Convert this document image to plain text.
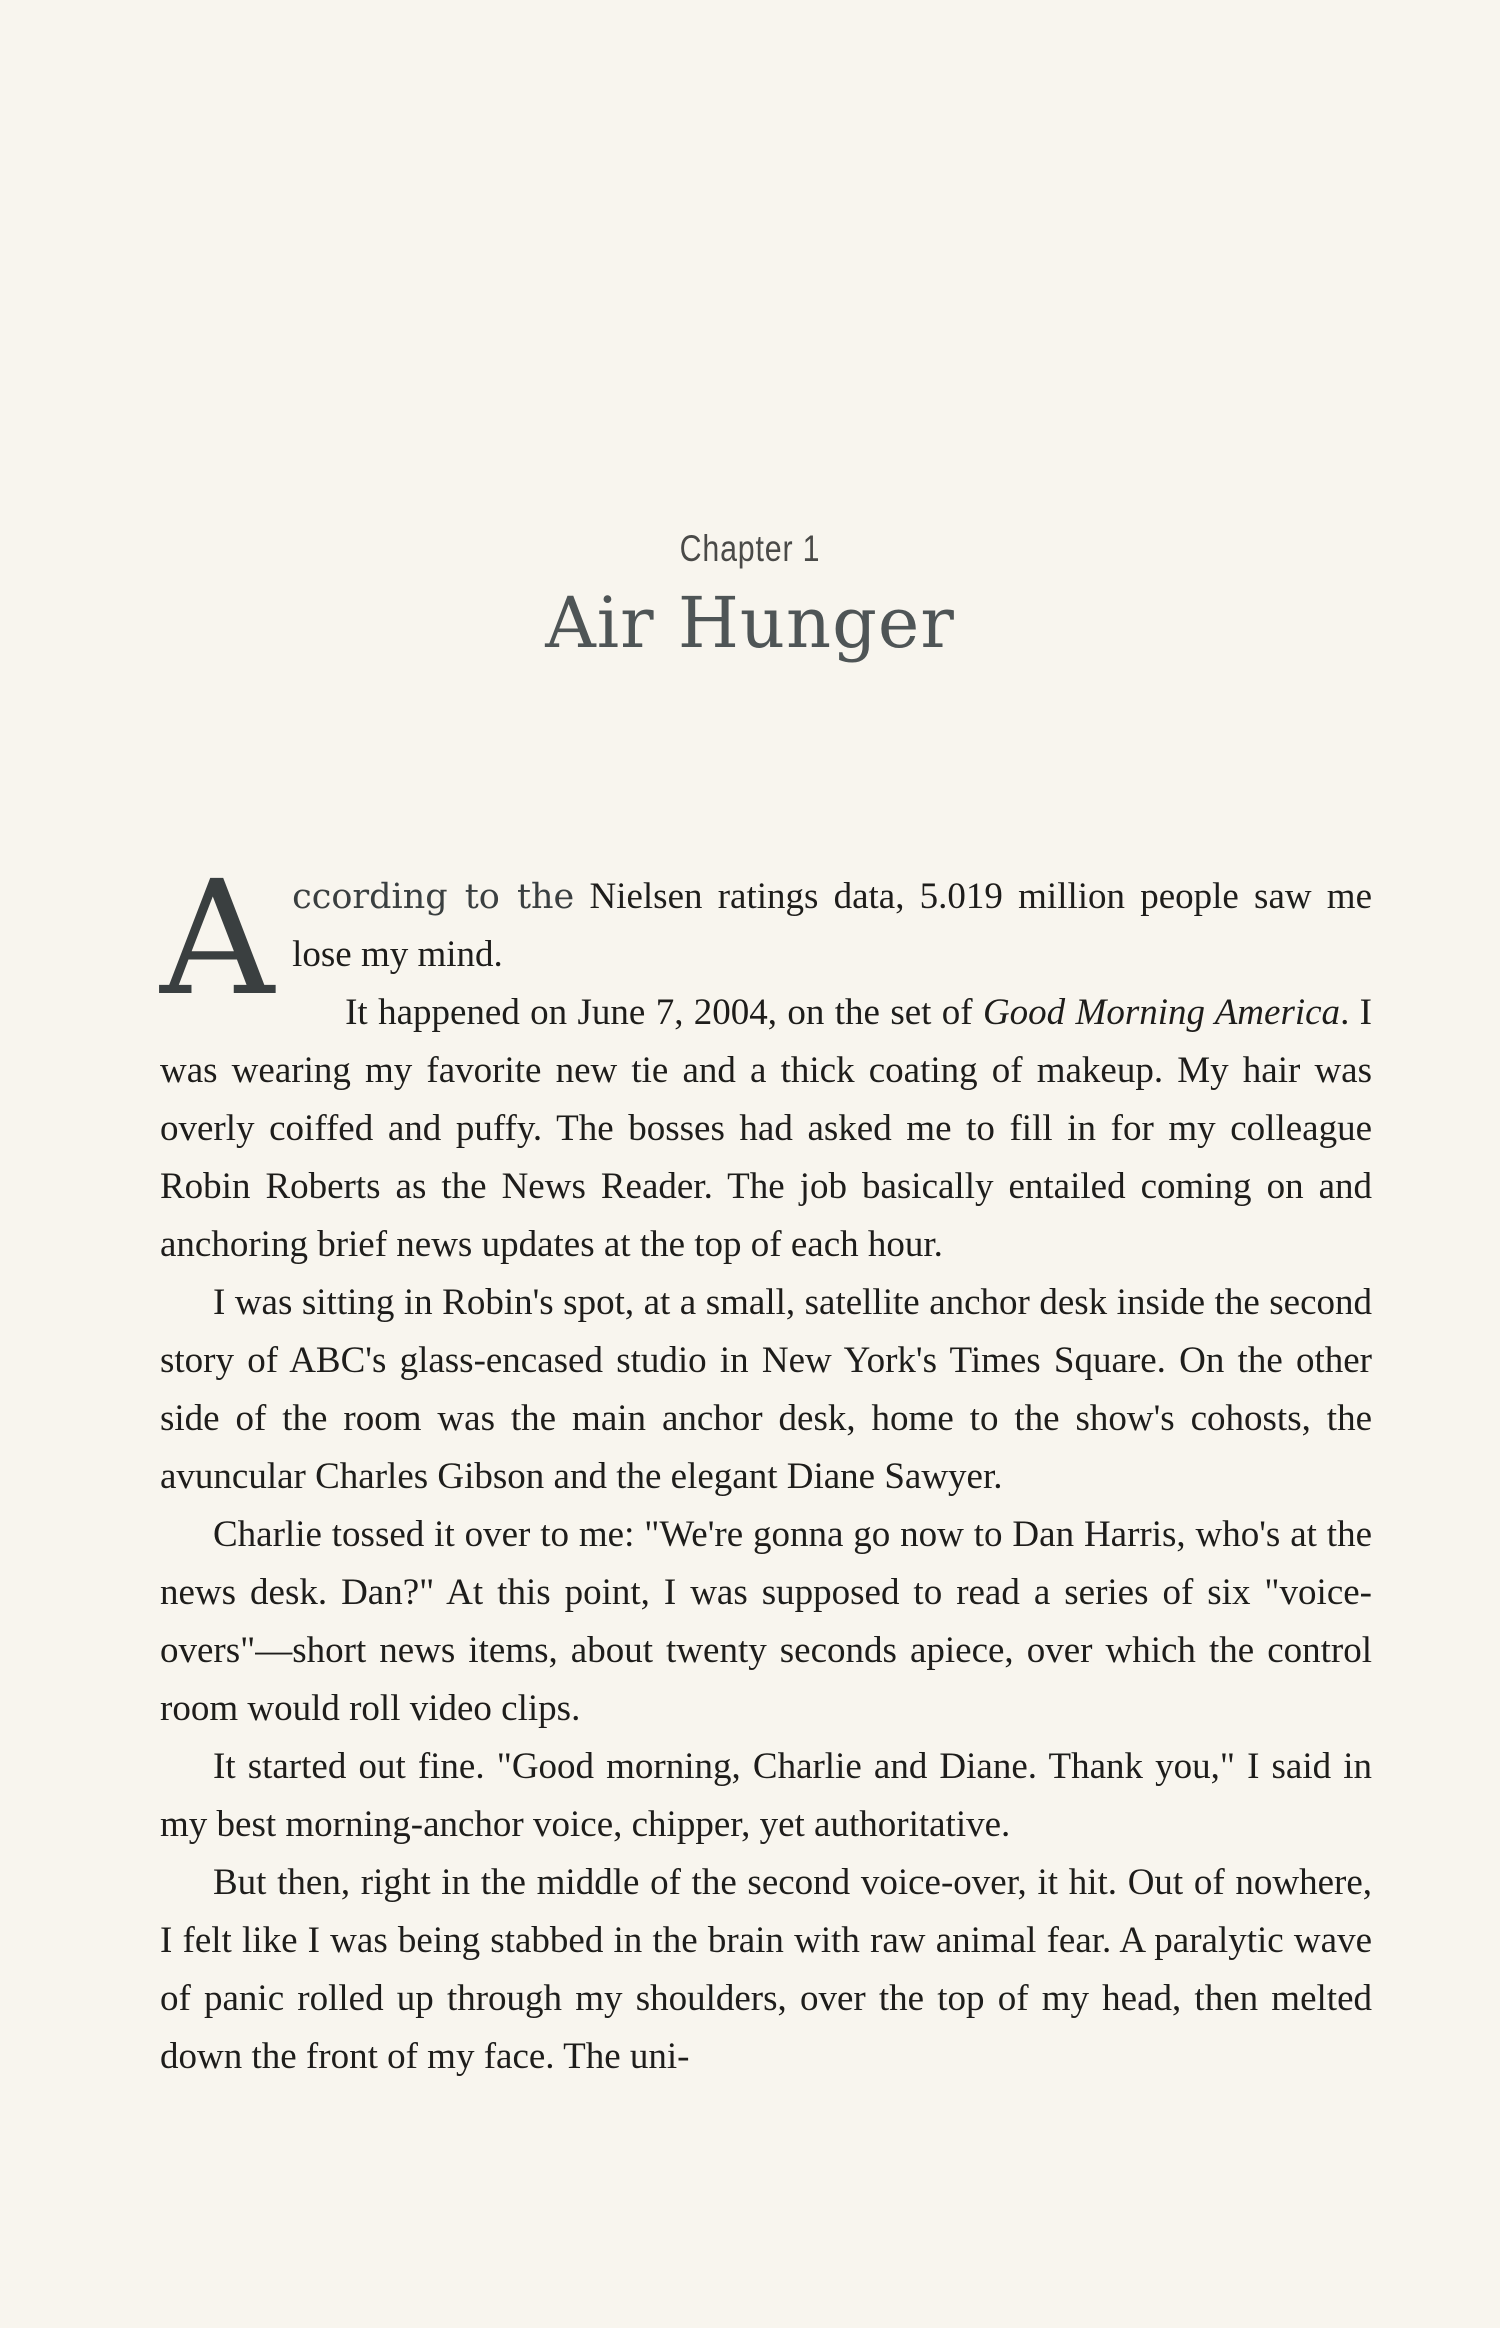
Chapter 1
Air Hunger

According to the Nielsen ratings data, 5.019 million people saw me lose my mind.

It happened on June 7, 2004, on the set of Good Morning America. I was wearing my favorite new tie and a thick coating of makeup. My hair was overly coiffed and puffy. The bosses had asked me to fill in for my colleague Robin Roberts as the News Reader. The job basically entailed coming on and anchoring brief news updates at the top of each hour.

I was sitting in Robin's spot, at a small, satellite anchor desk inside the second story of ABC's glass-encased studio in New York's Times Square. On the other side of the room was the main anchor desk, home to the show's cohosts, the avuncular Charles Gibson and the elegant Diane Sawyer.

Charlie tossed it over to me: "We're gonna go now to Dan Harris, who's at the news desk. Dan?" At this point, I was supposed to read a series of six "voice-overs"—short news items, about twenty seconds apiece, over which the control room would roll video clips.

It started out fine. "Good morning, Charlie and Diane. Thank you," I said in my best morning-anchor voice, chipper, yet authoritative.

But then, right in the middle of the second voice-over, it hit. Out of nowhere, I felt like I was being stabbed in the brain with raw animal fear. A paralytic wave of panic rolled up through my shoulders, over the top of my head, then melted down the front of my face. The uni-
